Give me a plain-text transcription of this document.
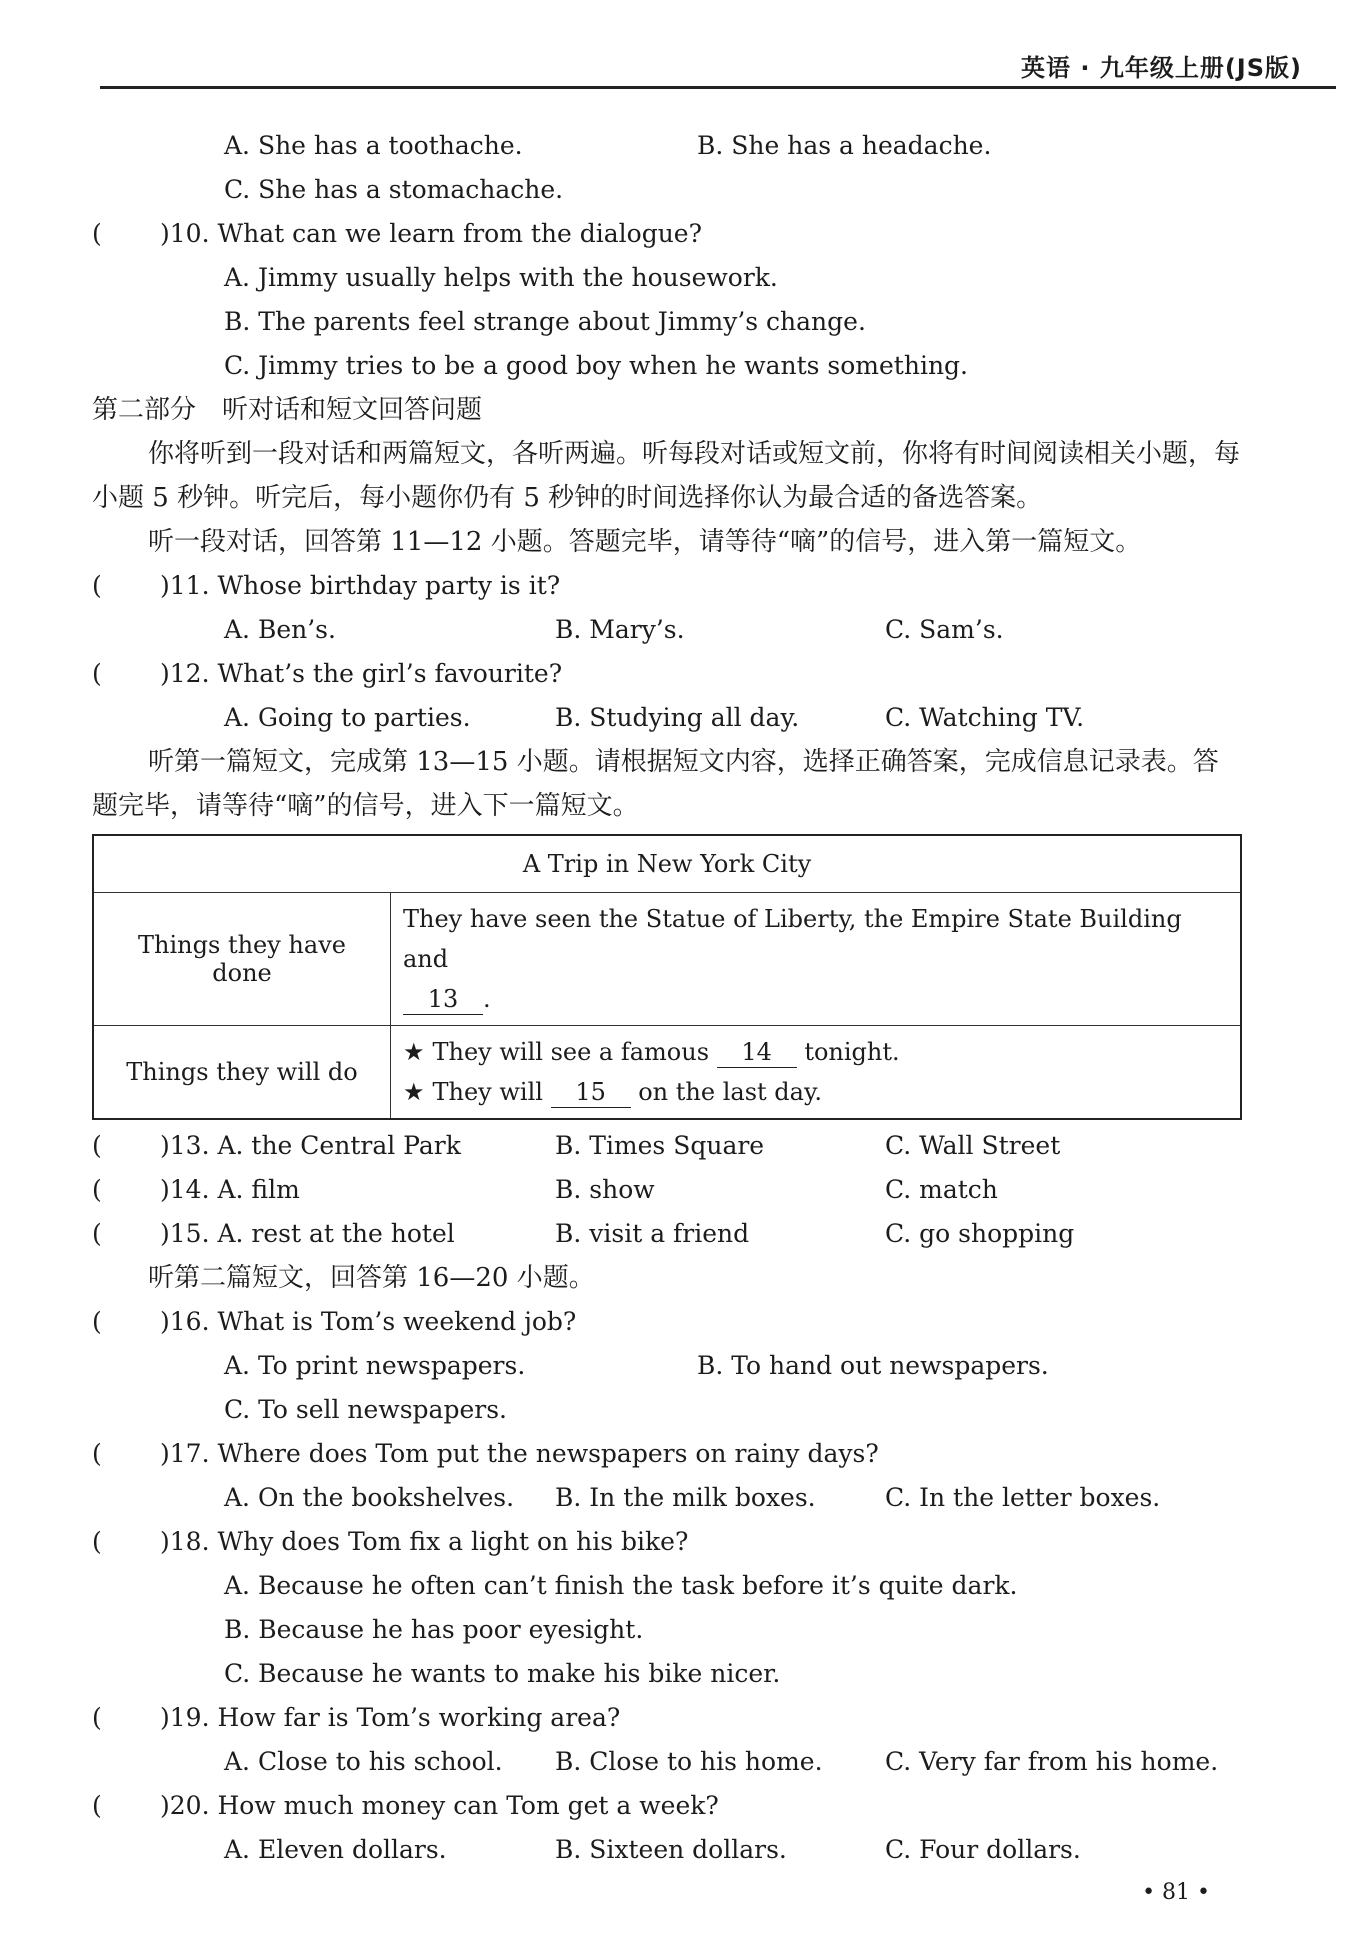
英语 · 九年级上册(JS版)
A. She has a toothache.	B. She has a headache.
C. She has a stomachache.
( )10. What can we learn from the dialogue?
A. Jimmy usually helps with the housework.
B. The parents feel strange about Jimmy’s change.
C. Jimmy tries to be a good boy when he wants something.
第二部分　听对话和短文回答问题
你将听到一段对话和两篇短文，各听两遍。听每段对话或短文前，你将有时间阅读相关小题，每小题 5 秒钟。听完后，每小题你仍有 5 秒钟的时间选择你认为最合适的备选答案。
听一段对话，回答第 11—12 小题。答题完毕，请等待“嘀”的信号，进入第一篇短文。
( )11. Whose birthday party is it?
A. Ben’s.	B. Mary’s.	C. Sam’s.
( )12. What’s the girl’s favourite?
A. Going to parties.	B. Studying all day.	C. Watching TV.
听第一篇短文，完成第 13—15 小题。请根据短文内容，选择正确答案，完成信息记录表。答题完毕，请等待“嘀”的信号，进入下一篇短文。
A Trip in New York City	
Things they have done	They have seen the Statue of Liberty, the Empire State Building and
13 .
Things they will do	★ They will see a famous 14 tonight.
★ They will 15 on the last day.
( )13. A. the Central Park	B. Times Square	C. Wall Street
( )14. A. film	B. show	C. match
( )15. A. rest at the hotel	B. visit a friend	C. go shopping
听第二篇短文，回答第 16—20 小题。
( )16. What is Tom’s weekend job?
A. To print newspapers.	B. To hand out newspapers.
C. To sell newspapers.
( )17. Where does Tom put the newspapers on rainy days?
A. On the bookshelves. B. In the milk boxes.	C. In the letter boxes.
( )18. Why does Tom fix a light on his bike?
A. Because he often can’t finish the task before it’s quite dark.
B. Because he has poor eyesight.
C. Because he wants to make his bike nicer.
( )19. How far is Tom’s working area?
A. Close to his school. B. Close to his home. C. Very far from his home.
( )20. How much money can Tom get a week?
A. Eleven dollars.	B. Sixteen dollars.	C. Four dollars.
• 81 •
